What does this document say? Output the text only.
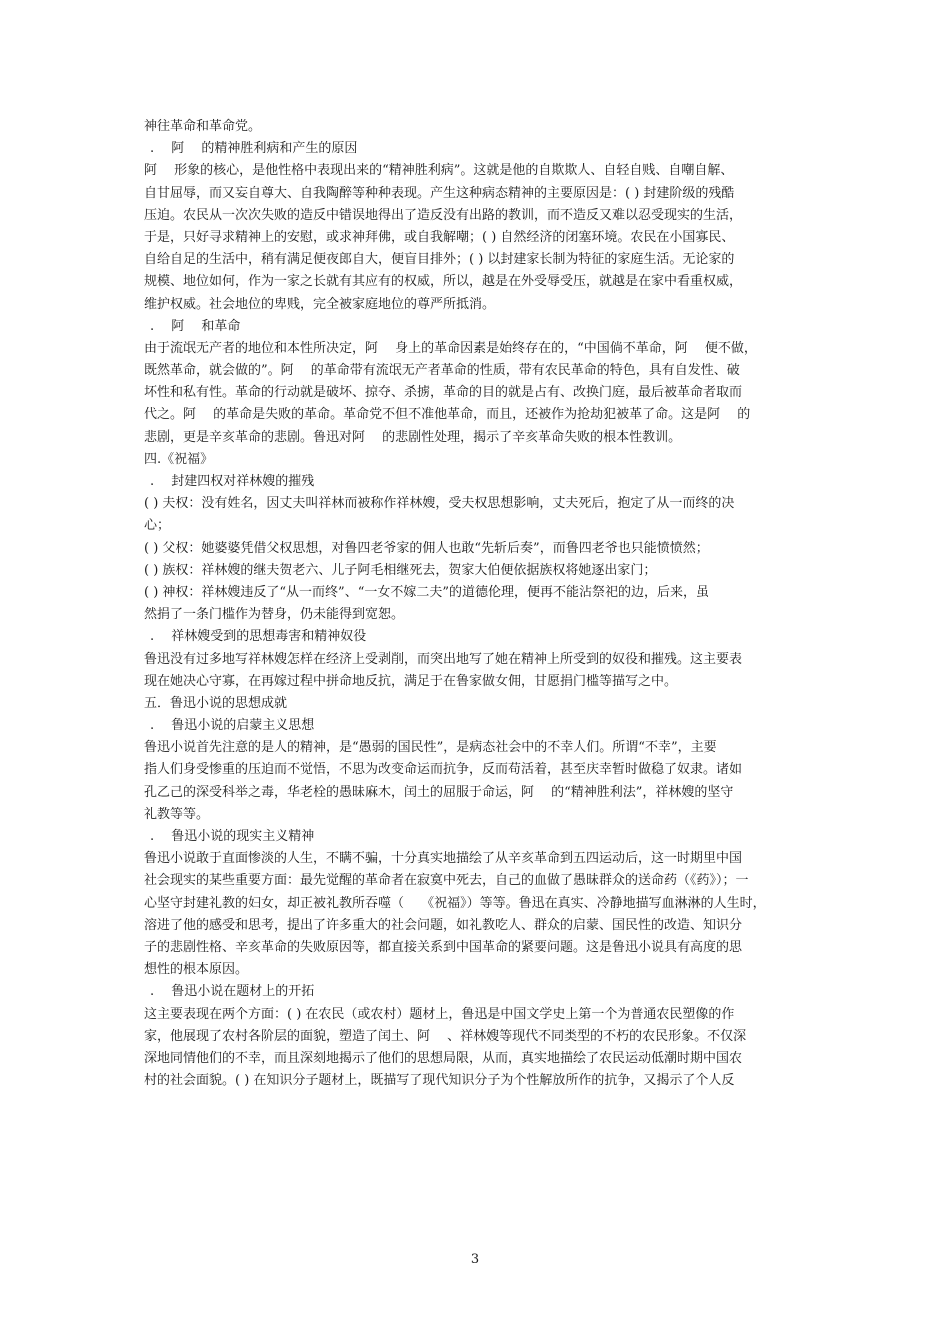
神往革命和革命党。

.　 阿　 的精神胜利病和产生的原因

阿　 形象的核心，是他性格中表现出来的“精神胜利病”。这就是他的自欺欺人、自轻自贱、自嘲自解、

自甘屈辱，而又妄自尊大、自我陶醉等种种表现。产生这种病态精神的主要原因是：( ) 封建阶级的残酷

压迫。农民从一次次失败的造反中错误地得出了造反没有出路的教训，而不造反又难以忍受现实的生活，

于是，只好寻求精神上的安慰，或求神拜佛，或自我解嘲；( ) 自然经济的闭塞环境。农民在小国寡民、

自给自足的生活中，稍有满足便夜郎自大，便盲目排外；( ) 以封建家长制为特征的家庭生活。无论家的

规模、地位如何，作为一家之长就有其应有的权威，所以，越是在外受辱受压，就越是在家中看重权威，

维护权威。社会地位的卑贱，完全被家庭地位的尊严所抵消。

.　 阿　 和革命

由于流氓无产者的地位和本性所决定，阿　 身上的革命因素是始终存在的，“中国倘不革命，阿　 便不做，

既然革命，就会做的”。阿　 的革命带有流氓无产者革命的性质，带有农民革命的特色，具有自发性、破

坏性和私有性。革命的行动就是破坏、掠夺、杀掳，革命的目的就是占有、改换门庭，最后被革命者取而

代之。阿　 的革命是失败的革命。革命党不但不准他革命，而且，还被作为抢劫犯被革了命。这是阿　 的

悲剧，更是辛亥革命的悲剧。鲁迅对阿　 的悲剧性处理，揭示了辛亥革命失败的根本性教训。

四.《祝福》

.　 封建四权对祥林嫂的摧残

( ) 夫权：没有姓名，因丈夫叫祥林而被称作祥林嫂，受夫权思想影响，丈夫死后，抱定了从一而终的决

心；

( ) 父权：她婆婆凭借父权思想，对鲁四老爷家的佣人也敢“先斩后奏”，而鲁四老爷也只能愤愤然；

( ) 族权：祥林嫂的继夫贺老六、儿子阿毛相继死去，贺家大伯便依据族权将她逐出家门；

( ) 神权：祥林嫂违反了“从一而终”、“一女不嫁二夫”的道德伦理，便再不能沾祭祀的边，后来，虽

然捐了一条门槛作为替身，仍未能得到宽恕。

.　 祥林嫂受到的思想毒害和精神奴役

鲁迅没有过多地写祥林嫂怎样在经济上受剥削，而突出地写了她在精神上所受到的奴役和摧残。这主要表

现在她决心守寡，在再嫁过程中拼命地反抗，满足于在鲁家做女佣，甘愿捐门槛等描写之中。

五．鲁迅小说的思想成就

.　 鲁迅小说的启蒙主义思想

鲁迅小说首先注意的是人的精神，是“愚弱的国民性”，是病态社会中的不幸人们。所谓“不幸”，主要

指人们身受惨重的压迫而不觉悟，不思为改变命运而抗争，反而苟活着，甚至庆幸暂时做稳了奴隶。诸如

孔乙己的深受科举之毒，华老栓的愚昧麻木，闰土的屈服于命运，阿　 的“精神胜利法”，祥林嫂的坚守

礼教等等。

.　 鲁迅小说的现实主义精神

鲁迅小说敢于直面惨淡的人生，不瞒不骗，十分真实地描绘了从辛亥革命到五四运动后，这一时期里中国

社会现实的某些重要方面：最先觉醒的革命者在寂寞中死去，自己的血做了愚昧群众的送命药（《药》）；一

心坚守封建礼教的妇女，却正被礼教所吞噬（　 《祝福》）等等。鲁迅在真实、冷静地描写血淋淋的人生时，

溶进了他的感受和思考，提出了许多重大的社会问题，如礼教吃人、群众的启蒙、国民性的改造、知识分

子的悲剧性格、辛亥革命的失败原因等，都直接关系到中国革命的紧要问题。这是鲁迅小说具有高度的思

想性的根本原因。

.　 鲁迅小说在题材上的开拓

这主要表现在两个方面：( ) 在农民（或农村）题材上，鲁迅是中国文学史上第一个为普通农民塑像的作

家，他展现了农村各阶层的面貌，塑造了闰土、阿　 、祥林嫂等现代不同类型的不朽的农民形象。不仅深

深地同情他们的不幸，而且深刻地揭示了他们的思想局限，从而，真实地描绘了农民运动低潮时期中国农

村的社会面貌。( ) 在知识分子题材上，既描写了现代知识分子为个性解放所作的抗争，又揭示了个人反

3
